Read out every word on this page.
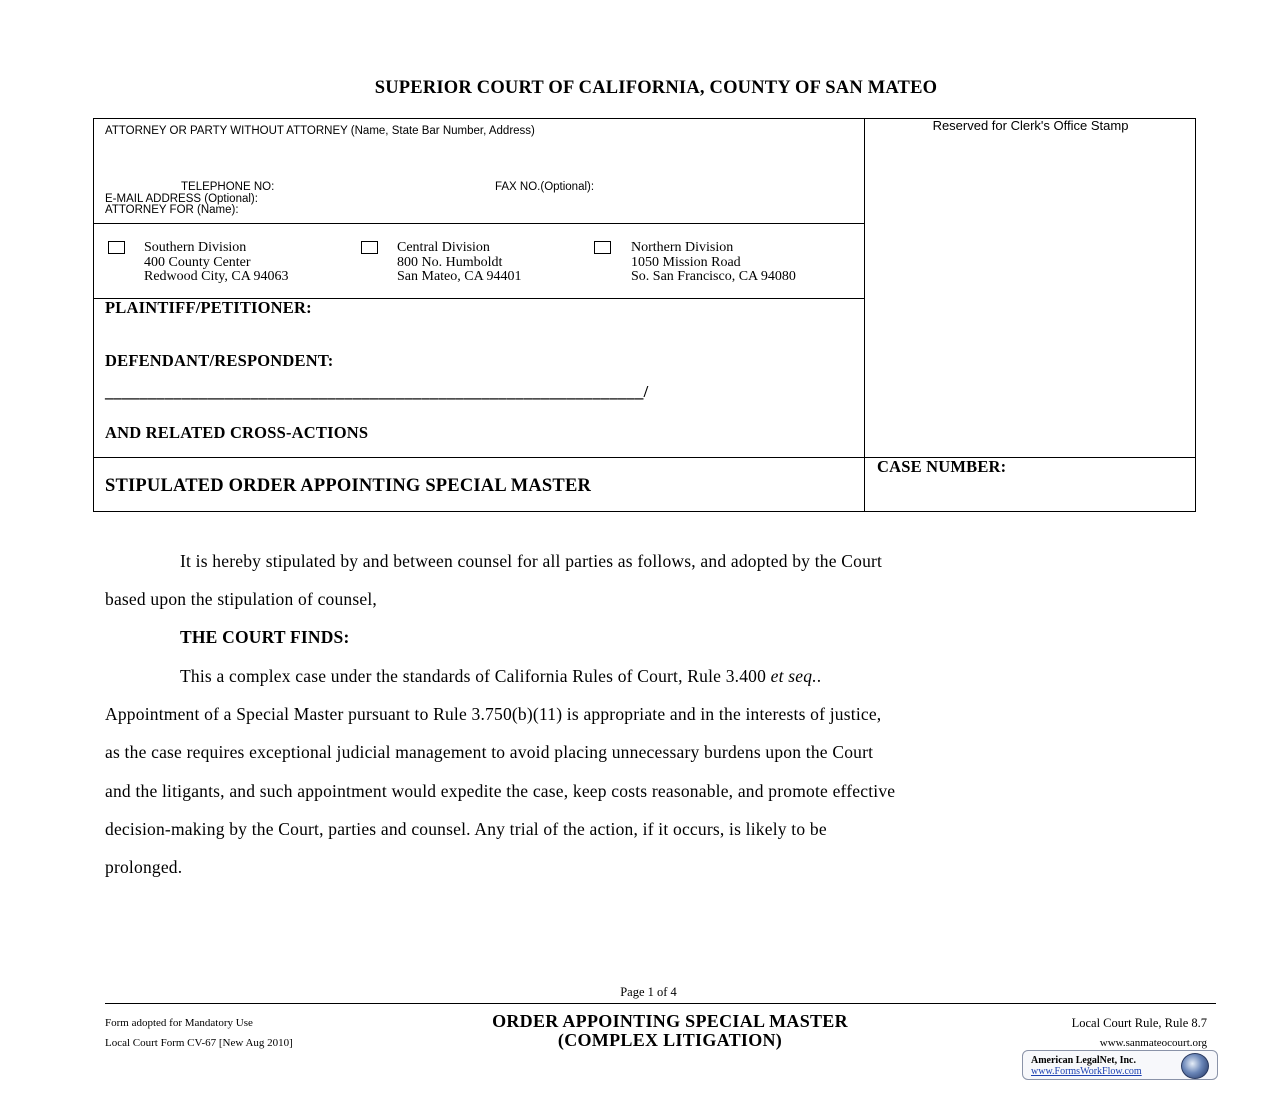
SUPERIOR COURT OF CALIFORNIA, COUNTY OF SAN MATEO
ATTORNEY OR PARTY WITHOUT ATTORNEY (Name, State Bar Number, Address)
TELEPHONE NO:	FAX NO.(Optional):
E-MAIL ADDRESS (Optional):
ATTORNEY FOR (Name):
Reserved for Clerk's Office Stamp
Southern Division
400 County Center
Redwood City, CA 94063
Central Division
800 No. Humboldt
San Mateo, CA 94401
Northern Division
1050 Mission Road
So. San Francisco, CA 94080
PLAINTIFF/PETITIONER:
DEFENDANT/RESPONDENT:
_______________________________________________________________/
AND RELATED CROSS-ACTIONS
STIPULATED ORDER APPOINTING SPECIAL MASTER
CASE NUMBER:
It is hereby stipulated by and between counsel for all parties as follows, and adopted by the Court
based upon the stipulation of counsel,
THE COURT FINDS:
This a complex case under the standards of California Rules of Court, Rule 3.400 et seq..
Appointment of a Special Master pursuant to Rule 3.750(b)(11) is appropriate and in the interests of justice,
as the case requires exceptional judicial management to avoid placing unnecessary burdens upon the Court
and the litigants, and such appointment would expedite the case, keep costs reasonable, and promote effective
decision-making by the Court, parties and counsel. Any trial of the action, if it occurs, is likely to be
prolonged.
Page 1 of 4
Form adopted for Mandatory Use
Local Court Form CV-67 [New Aug 2010]
ORDER APPOINTING SPECIAL MASTER
(COMPLEX LITIGATION)
Local Court Rule, Rule 8.7
www.sanmateocourt.org
American LegalNet, Inc.
www.FormsWorkFlow.com
